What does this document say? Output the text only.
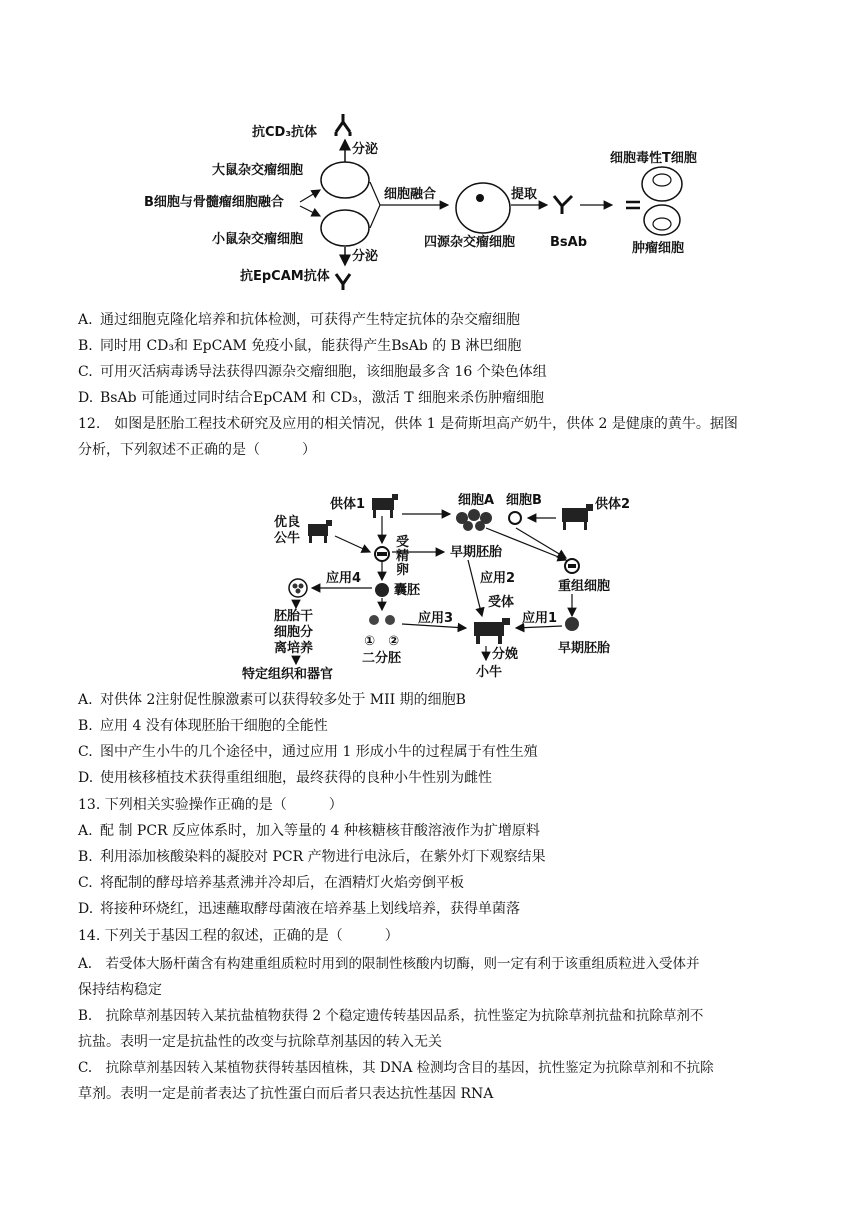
抗CD₃抗体
分泌
大鼠杂交瘤细胞
B细胞与骨髓瘤细胞融合
小鼠杂交瘤细胞
分泌
抗EpCAM抗体
细胞融合
四源杂交瘤细胞
提取
BsAb
细胞毒性T细胞
肿瘤细胞
A. 通过细胞克隆化培养和抗体检测，可获得产生特定抗体的杂交瘤细胞
B. 同时用 CD₃和 EpCAM 免疫小鼠，能获得产生BsAb 的 B 淋巴细胞
C. 可用灭活病毒诱导法获得四源杂交瘤细胞，该细胞最多含 16 个染色体组
D. BsAb 可能通过同时结合EpCAM 和 CD₃，激活 T 细胞来杀伤肿瘤细胞
12.　如图是胚胎工程技术研究及应用的相关情况，供体 1 是荷斯坦高产奶牛，供体 2 是健康的黄牛。据图
分析，下列叙述不正确的是（　　　）
供体1	细胞A 细胞B	供体2
优良
公牛	受
精
卵
早期胚胎
囊胚
应用4
胚胎干
细胞分
离培养
特定组织和器官
①　②
二分胚
应用3
应用2
受体
重组细胞
早期胚胎
应用1
分娩
小牛
A. 对供体 2注射促性腺激素可以获得较多处于 MII 期的细胞B
B. 应用 4 没有体现胚胎干细胞的全能性
C. 图中产生小牛的几个途径中，通过应用 1 形成小牛的过程属于有性生殖
D. 使用核移植技术获得重组细胞，最终获得的良种小牛性别为雌性
13. 下列相关实验操作正确的是（　　　）
A. 配 制 PCR 反应体系时，加入等量的 4 种核糖核苷酸溶液作为扩增原料
B. 利用添加核酸染料的凝胶对 PCR 产物进行电泳后，在紫外灯下观察结果
C. 将配制的酵母培养基煮沸并冷却后，在酒精灯火焰旁倒平板
D. 将接种环烧红，迅速蘸取酵母菌液在培养基上划线培养，获得单菌落
14. 下列关于基因工程的叙述，正确的是（　　　）
A.　若受体大肠杆菌含有构建重组质粒时用到的限制性核酸内切酶，则一定有利于该重组质粒进入受体并
保持结构稳定
B.　抗除草剂基因转入某抗盐植物获得 2 个稳定遗传转基因品系，抗性鉴定为抗除草剂抗盐和抗除草剂不
抗盐。表明一定是抗盐性的改变与抗除草剂基因的转入无关
C.　抗除草剂基因转入某植物获得转基因植株，其 DNA 检测均含目的基因，抗性鉴定为抗除草剂和不抗除
草剂。表明一定是前者表达了抗性蛋白而后者只表达抗性基因 RNA
